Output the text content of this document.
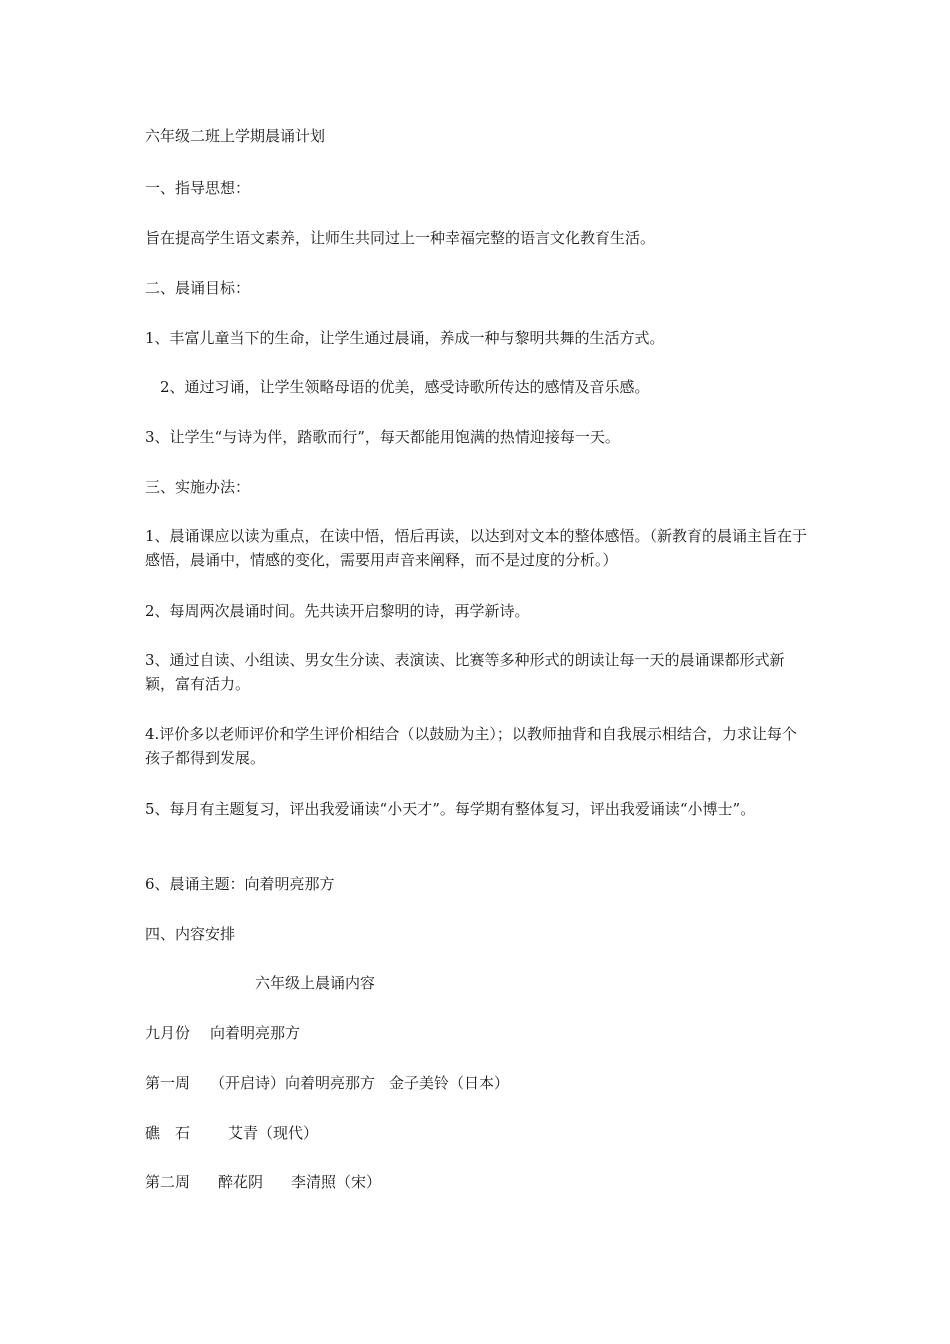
六年级二班上学期晨诵计划
一、指导思想：
旨在提高学生语文素养，让师生共同过上一种幸福完整的语言文化教育生活。
二、晨诵目标：
1、丰富儿童当下的生命，让学生通过晨诵，养成一种与黎明共舞的生活方式。
2、通过习诵，让学生领略母语的优美，感受诗歌所传达的感情及音乐感。
3、让学生“与诗为伴，踏歌而行”，每天都能用饱满的热情迎接每一天。
三、实施办法：
1、晨诵课应以读为重点，在读中悟，悟后再读，以达到对文本的整体感悟。（新教育的晨诵主旨在于感悟，晨诵中，情感的变化，需要用声音来阐释，而不是过度的分析。）
2、每周两次晨诵时间。先共读开启黎明的诗，再学新诗。
3、通过自读、小组读、男女生分读、表演读、比赛等多种形式的朗读让每一天的晨诵课都形式新颖，富有活力。
4.评价多以老师评价和学生评价相结合（以鼓励为主）；以教师抽背和自我展示相结合，力求让每个孩子都得到发展。
5、每月有主题复习，评出我爱诵读“小天才”。每学期有整体复习，评出我爱诵读“小博士”。
6、晨诵主题：向着明亮那方
四、内容安排
六年级上晨诵内容
九月份 向着明亮那方
第一周 （开启诗）向着明亮那方 金子美铃（日本）
礁　石	艾青（现代）
第二周 醉花阴 李清照（宋）
